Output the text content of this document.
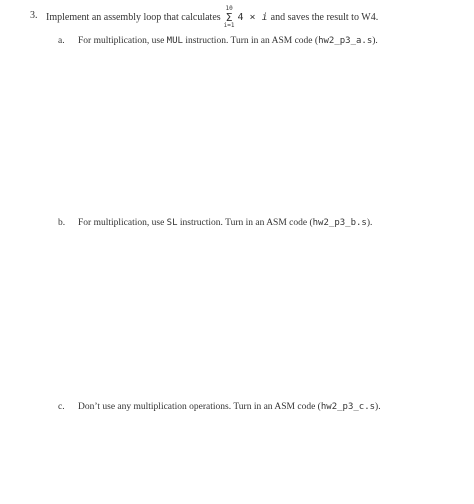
3. Implement an assembly loop that calculates
10
Σ
i=1
4 × i and saves the result to W4.
a.	For multiplication, use MUL instruction. Turn in an ASM code (hw2_p3_a.s).
b.	For multiplication, use SL instruction. Turn in an ASM code (hw2_p3_b.s).
c.	Don’t use any multiplication operations. Turn in an ASM code (hw2_p3_c.s).
